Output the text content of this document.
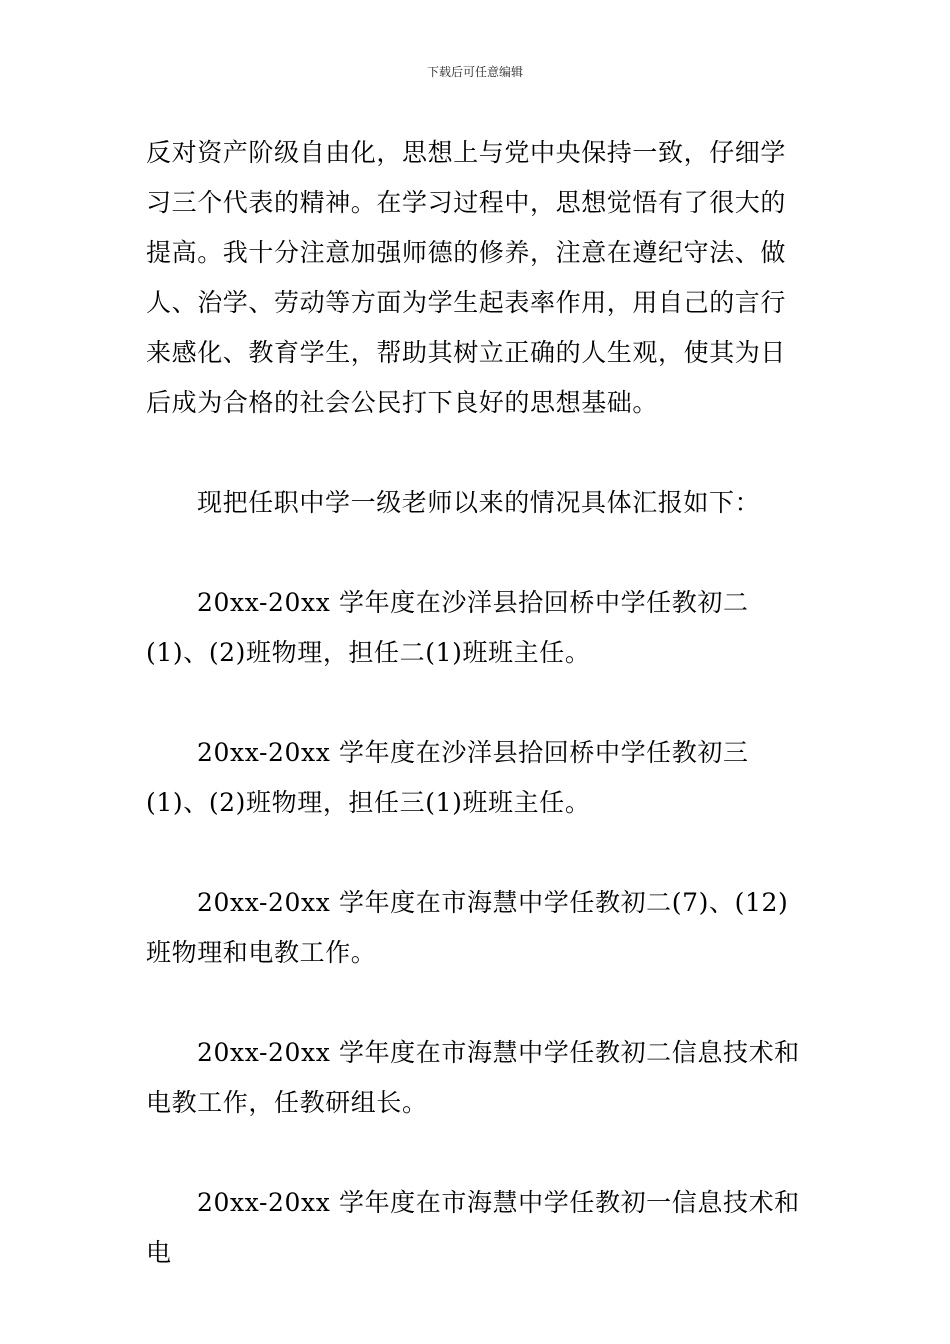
下载后可任意编辑

反对资产阶级自由化，思想上与党中央保持一致，仔细学习三个代表的精神。在学习过程中，思想觉悟有了很大的提高。我十分注意加强师德的修养，注意在遵纪守法、做人、治学、劳动等方面为学生起表率作用，用自己的言行来感化、教育学生，帮助其树立正确的人生观，使其为日后成为合格的社会公民打下良好的思想基础。

现把任职中学一级老师以来的情况具体汇报如下：

20xx-20xx 学年度在沙洋县拾回桥中学任教初二(1)、(2)班物理，担任二(1)班班主任。

20xx-20xx 学年度在沙洋县拾回桥中学任教初三(1)、(2)班物理，担任三(1)班班主任。

20xx-20xx 学年度在市海慧中学任教初二(7)、(12)班物理和电教工作。

20xx-20xx 学年度在市海慧中学任教初二信息技术和电教工作，任教研组长。

20xx-20xx 学年度在市海慧中学任教初一信息技术和电
